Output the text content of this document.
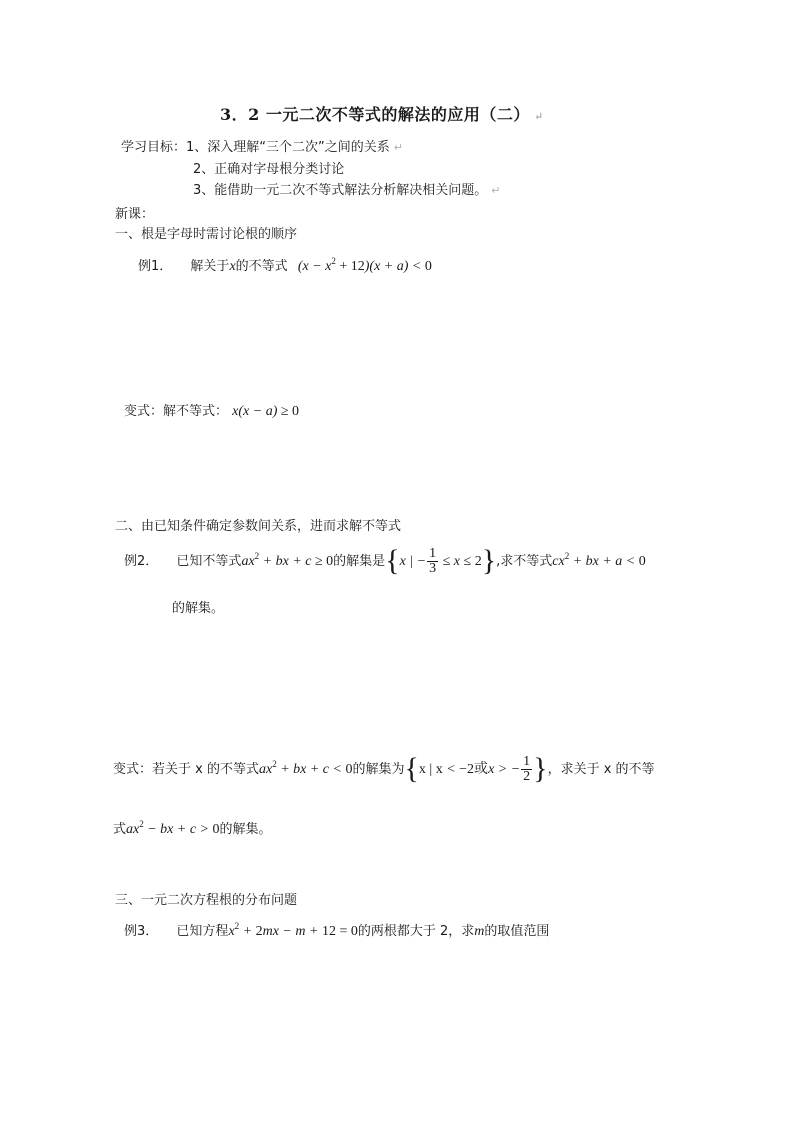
3．2 一元二次不等式的解法的应用（二） ↵
学习目标：1、深入理解“三个二次”之间的关系 ↵
2、正确对字母根分类讨论
3、能借助一元二次不等式解法分析解决相关问题。 ↵
新课：
一、根是字母时需讨论根的顺序
例1． 解关于x的不等式 $(x - x^2 + 12)(x + a) < 0$
变式：解不等式： x(x − a) ≥ 0
二、由已知条件确定参数间关系，进而求解不等式
例2． 已知不等式$ax^2$ + bx + c ≥ 0的解集是{x | − $\frac{1}{3} \le x \le 2$},求不等式$cx^2$ + bx + a < 0
的解集。
变式：若关于 x 的不等式$ax^2$ + bx + c < 0的解集为{x | x < −2或x > − $\frac{1}{2}$ }，求关于 x 的不等
式$ax^2$ − bx + c > 0的解集。
三、一元二次方程根的分布问题
例3． 已知方程$x^2 + 2mx - m + 12 = 0$的两根都大于 2，求m的取值范围
